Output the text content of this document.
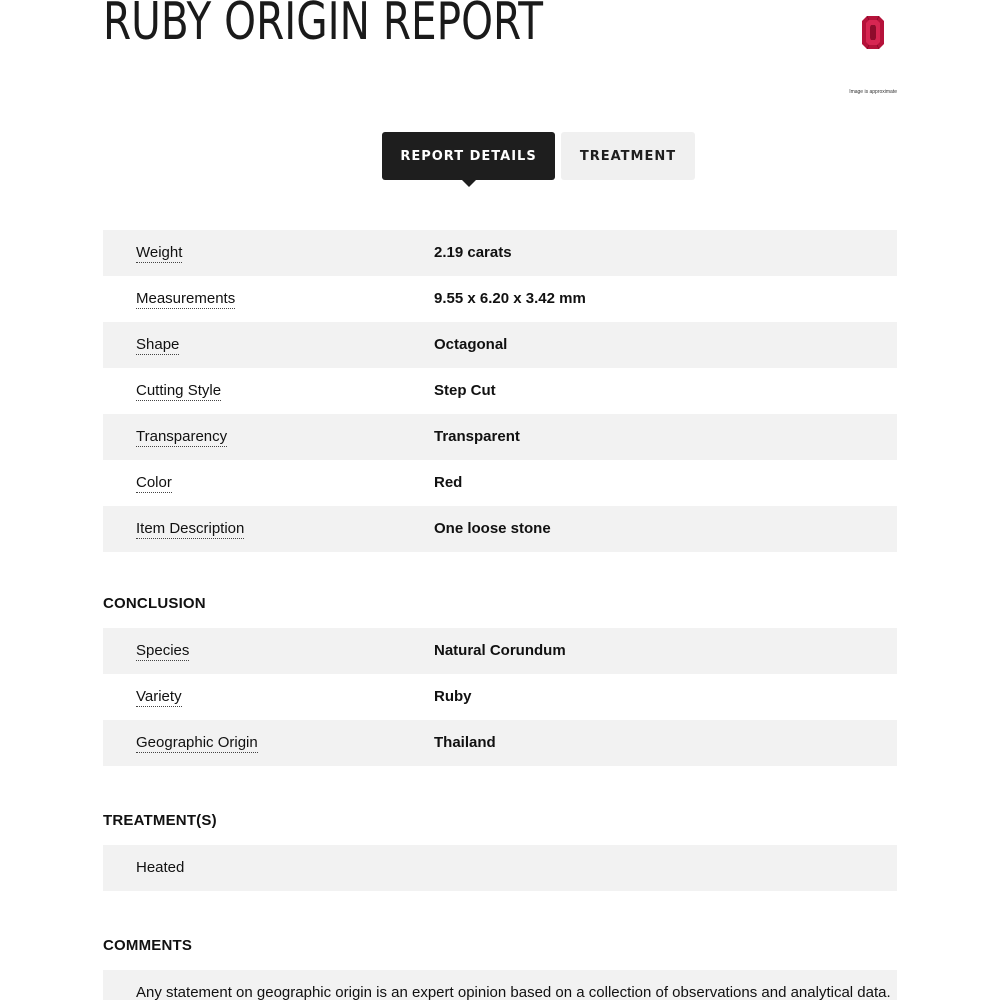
RUBY ORIGIN REPORT
Image is approximate
REPORT DETAILS	TREATMENT
Weight	2.19 carats
Measurements	9.55 x 6.20 x 3.42 mm
Shape	Octagonal
Cutting Style	Step Cut
Transparency	Transparent
Color	Red
Item Description	One loose stone
CONCLUSION
Species	Natural Corundum
Variety	Ruby
Geographic Origin	Thailand
TREATMENT(S)
Heated
COMMENTS
Any statement on geographic origin is an expert opinion based on a collection of observations and analytical data.
